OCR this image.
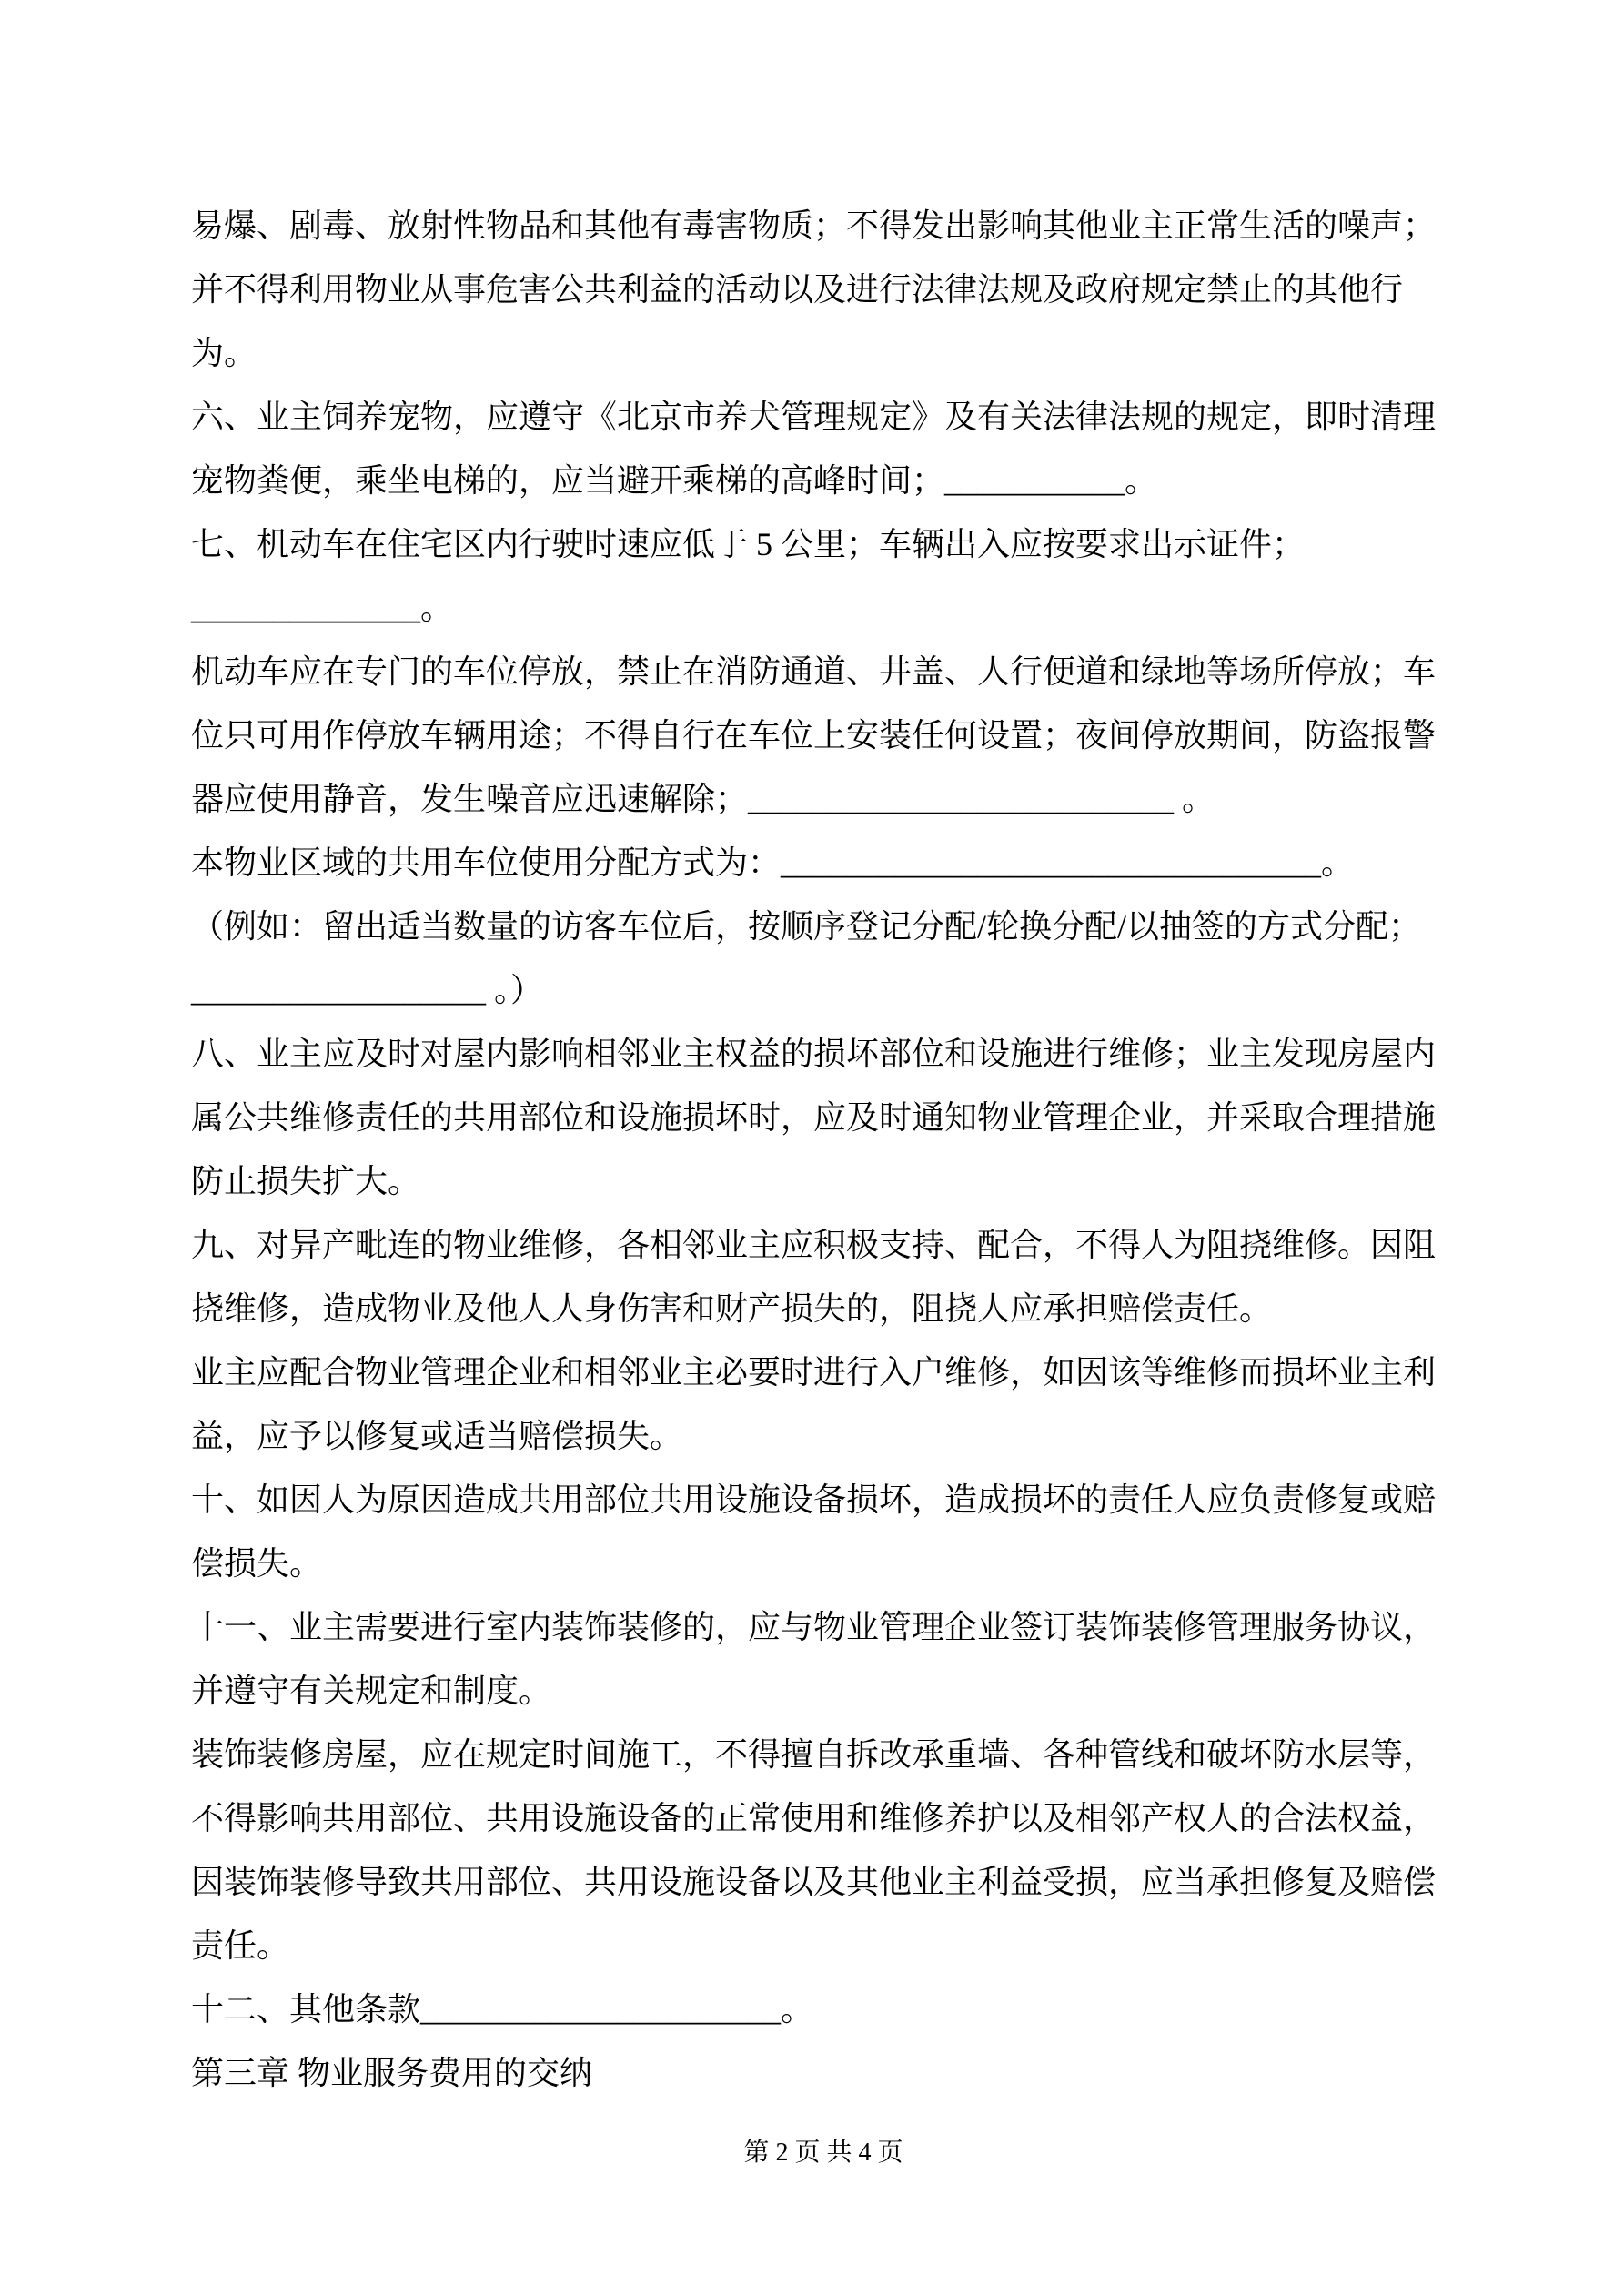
易爆、剧毒、放射性物品和其他有毒害物质；不得发出影响其他业主正常生活的噪声；
并不得利用物业从事危害公共利益的活动以及进行法律法规及政府规定禁止的其他行
为。
六、业主饲养宠物，应遵守《北京市养犬管理规定》及有关法律法规的规定，即时清理
宠物粪便，乘坐电梯的，应当避开乘梯的高峰时间；___________。
七、机动车在住宅区内行驶时速应低于 5 公里；车辆出入应按要求出示证件；
______________。
机动车应在专门的车位停放，禁止在消防通道、井盖、人行便道和绿地等场所停放；车
位只可用作停放车辆用途；不得自行在车位上安装任何设置；夜间停放期间，防盗报警
器应使用静音，发生噪音应迅速解除；__________________________ 。
本物业区域的共用车位使用分配方式为：_________________________________。
（例如：留出适当数量的访客车位后，按顺序登记分配/轮换分配/以抽签的方式分配；
__________________ 。）
八、业主应及时对屋内影响相邻业主权益的损坏部位和设施进行维修；业主发现房屋内
属公共维修责任的共用部位和设施损坏时，应及时通知物业管理企业，并采取合理措施
防止损失扩大。
九、对异产毗连的物业维修，各相邻业主应积极支持、配合，不得人为阻挠维修。因阻
挠维修，造成物业及他人人身伤害和财产损失的，阻挠人应承担赔偿责任。
业主应配合物业管理企业和相邻业主必要时进行入户维修，如因该等维修而损坏业主利
益，应予以修复或适当赔偿损失。
十、如因人为原因造成共用部位共用设施设备损坏，造成损坏的责任人应负责修复或赔
偿损失。
十一、业主需要进行室内装饰装修的，应与物业管理企业签订装饰装修管理服务协议，
并遵守有关规定和制度。
装饰装修房屋，应在规定时间施工，不得擅自拆改承重墙、各种管线和破坏防水层等，
不得影响共用部位、共用设施设备的正常使用和维修养护以及相邻产权人的合法权益，
因装饰装修导致共用部位、共用设施设备以及其他业主利益受损，应当承担修复及赔偿
责任。
十二、其他条款______________________。
第三章 物业服务费用的交纳
第 2 页 共 4 页
